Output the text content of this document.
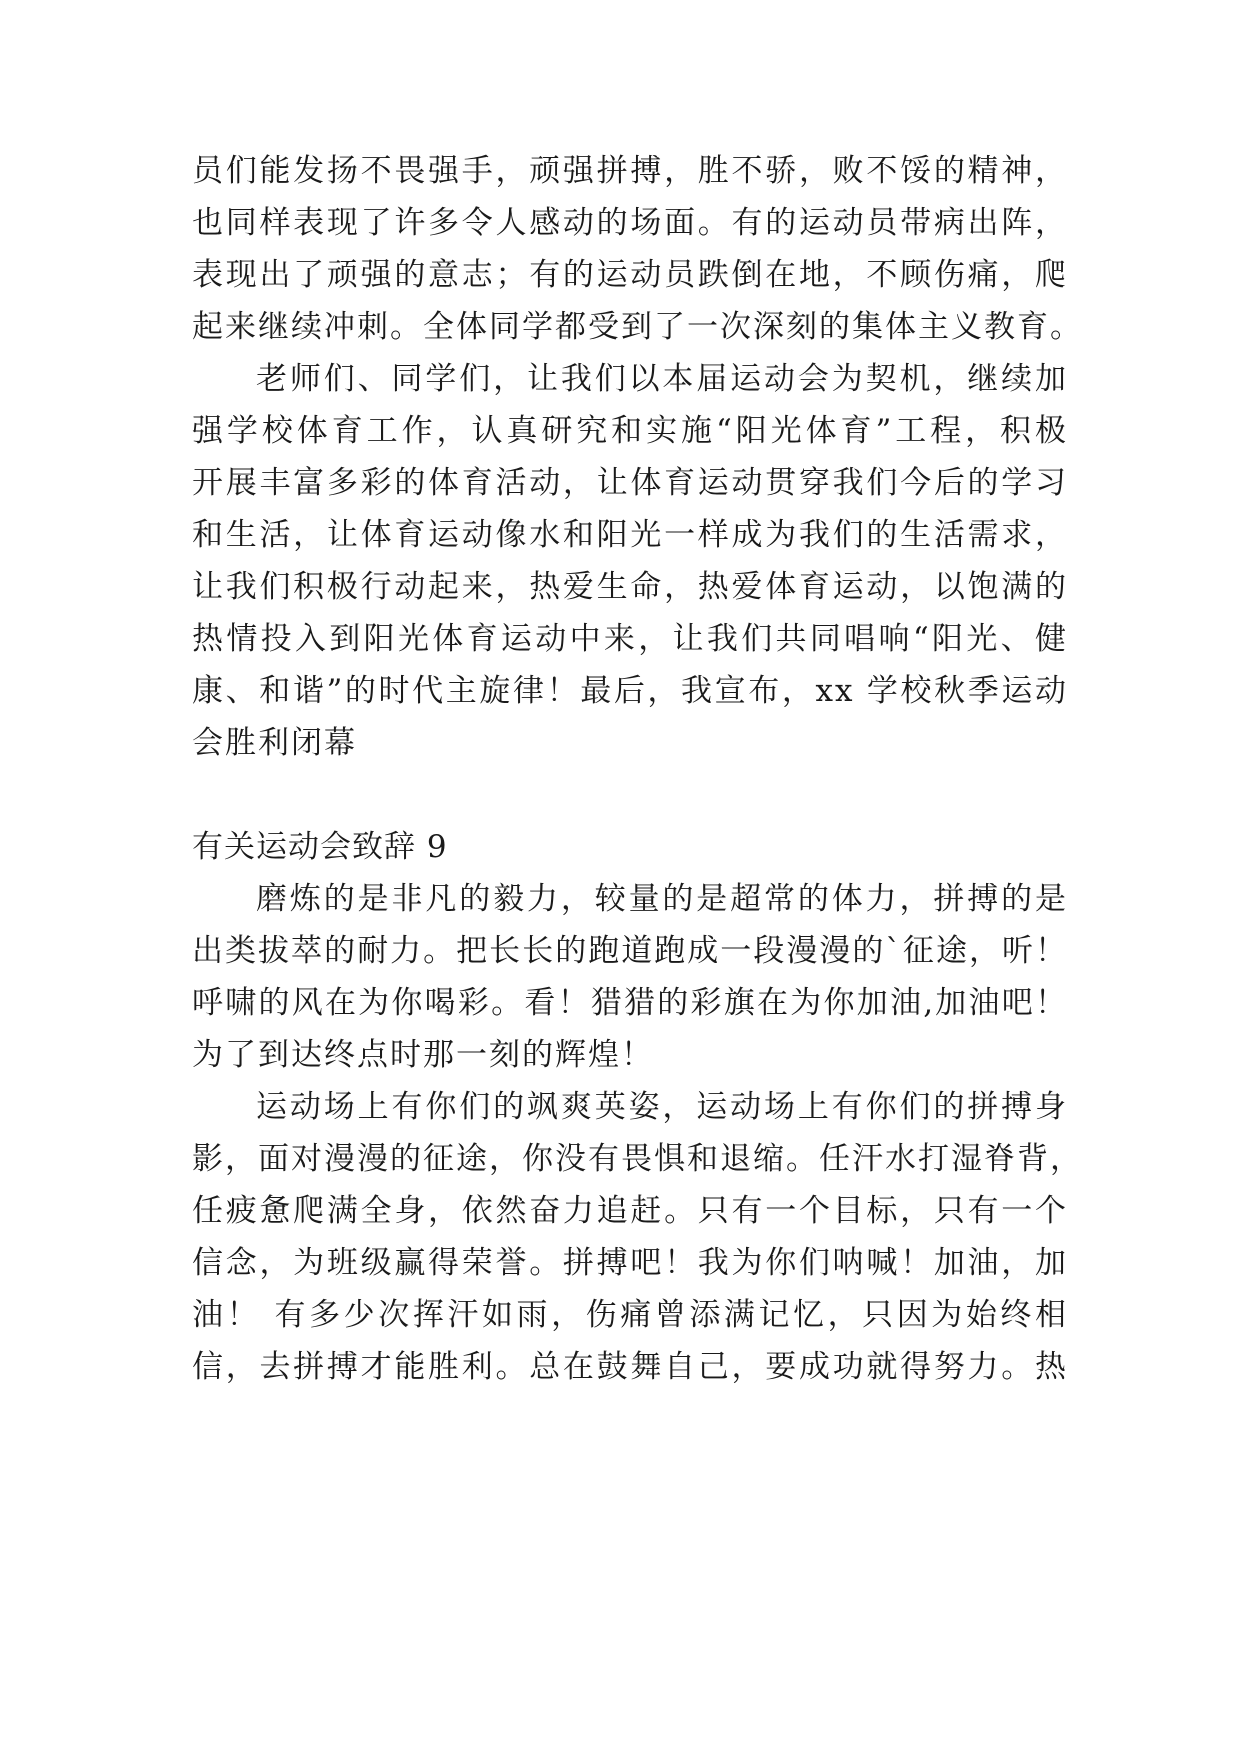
员们能发扬不畏强手，顽强拼搏，胜不骄，败不馁的精神，
也同样表现了许多令人感动的场面。有的运动员带病出阵，
表现出了顽强的意志；有的运动员跌倒在地，不顾伤痛，爬
起来继续冲刺。全体同学都受到了一次深刻的集体主义教育。
老师们、同学们，让我们以本届运动会为契机，继续加
强学校体育工作，认真研究和实施“阳光体育”工程，积极
开展丰富多彩的体育活动，让体育运动贯穿我们今后的学习
和生活，让体育运动像水和阳光一样成为我们的生活需求，
让我们积极行动起来，热爱生命，热爱体育运动，以饱满的
热情投入到阳光体育运动中来，让我们共同唱响“阳光、健
康、和谐”的时代主旋律！最后，我宣布，xx 学校秋季运动
会胜利闭幕
有关运动会致辞 9
磨炼的是非凡的毅力，较量的是超常的体力，拼搏的是
出类拔萃的耐力。把长长的跑道跑成一段漫漫的`征途，听！
呼啸的风在为你喝彩。看！猎猎的彩旗在为你加油,加油吧！
为了到达终点时那一刻的辉煌！
运动场上有你们的飒爽英姿，运动场上有你们的拼搏身
影，面对漫漫的征途，你没有畏惧和退缩。任汗水打湿脊背，
任疲惫爬满全身，依然奋力追赶。只有一个目标，只有一个
信念，为班级赢得荣誉。拼搏吧！我为你们呐喊！加油，加
油！ 有多少次挥汗如雨，伤痛曾添满记忆，只因为始终相
信，去拼搏才能胜利。总在鼓舞自己，要成功就得努力。热
